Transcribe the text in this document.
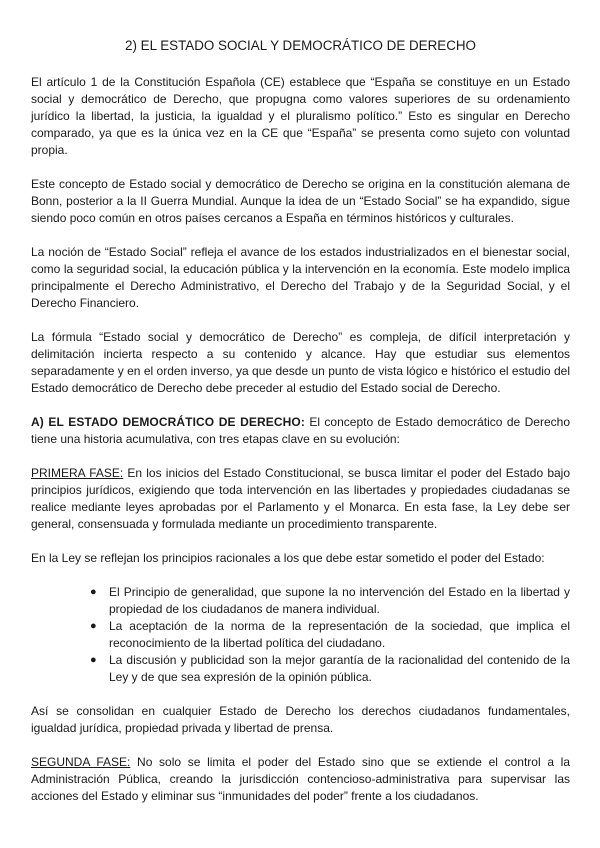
2) EL ESTADO SOCIAL Y DEMOCRÁTICO DE DERECHO

El artículo 1 de la Constitución Española (CE) establece que “España se constituye en un Estado social y democrático de Derecho, que propugna como valores superiores de su ordenamiento jurídico la libertad, la justicia, la igualdad y el pluralismo político.” Esto es singular en Derecho comparado, ya que es la única vez en la CE que “España” se presenta como sujeto con voluntad propia.

Este concepto de Estado social y democrático de Derecho se origina en la constitución alemana de Bonn, posterior a la II Guerra Mundial. Aunque la idea de un “Estado Social” se ha expandido, sigue siendo poco común en otros países cercanos a España en términos históricos y culturales.

La noción de “Estado Social” refleja el avance de los estados industrializados en el bienestar social, como la seguridad social, la educación pública y la intervención en la economía. Este modelo implica principalmente el Derecho Administrativo, el Derecho del Trabajo y de la Seguridad Social, y el Derecho Financiero.

La fórmula “Estado social y democrático de Derecho” es compleja, de difícil interpretación y delimitación incierta respecto a su contenido y alcance. Hay que estudiar sus elementos separadamente y en el orden inverso, ya que desde un punto de vista lógico e histórico el estudio del Estado democrático de Derecho debe preceder al estudio del Estado social de Derecho.

A) EL ESTADO DEMOCRÁTICO DE DERECHO: El concepto de Estado democrático de Derecho tiene una historia acumulativa, con tres etapas clave en su evolución:

PRIMERA FASE: En los inicios del Estado Constitucional, se busca limitar el poder del Estado bajo principios jurídicos, exigiendo que toda intervención en las libertades y propiedades ciudadanas se realice mediante leyes aprobadas por el Parlamento y el Monarca. En esta fase, la Ley debe ser general, consensuada y formulada mediante un procedimiento transparente.

En la Ley se reflejan los principios racionales a los que debe estar sometido el poder del Estado:

● El Principio de generalidad, que supone la no intervención del Estado en la libertad y propiedad de los ciudadanos de manera individual.
● La aceptación de la norma de la representación de la sociedad, que implica el reconocimiento de la libertad política del ciudadano.
● La discusión y publicidad son la mejor garantía de la racionalidad del contenido de la Ley y de que sea expresión de la opinión pública.

Así se consolidan en cualquier Estado de Derecho los derechos ciudadanos fundamentales, igualdad jurídica, propiedad privada y libertad de prensa.

SEGUNDA FASE: No solo se limita el poder del Estado sino que se extiende el control a la Administración Pública, creando la jurisdicción contencioso-administrativa para supervisar las acciones del Estado y eliminar sus “inmunidades del poder” frente a los ciudadanos.
